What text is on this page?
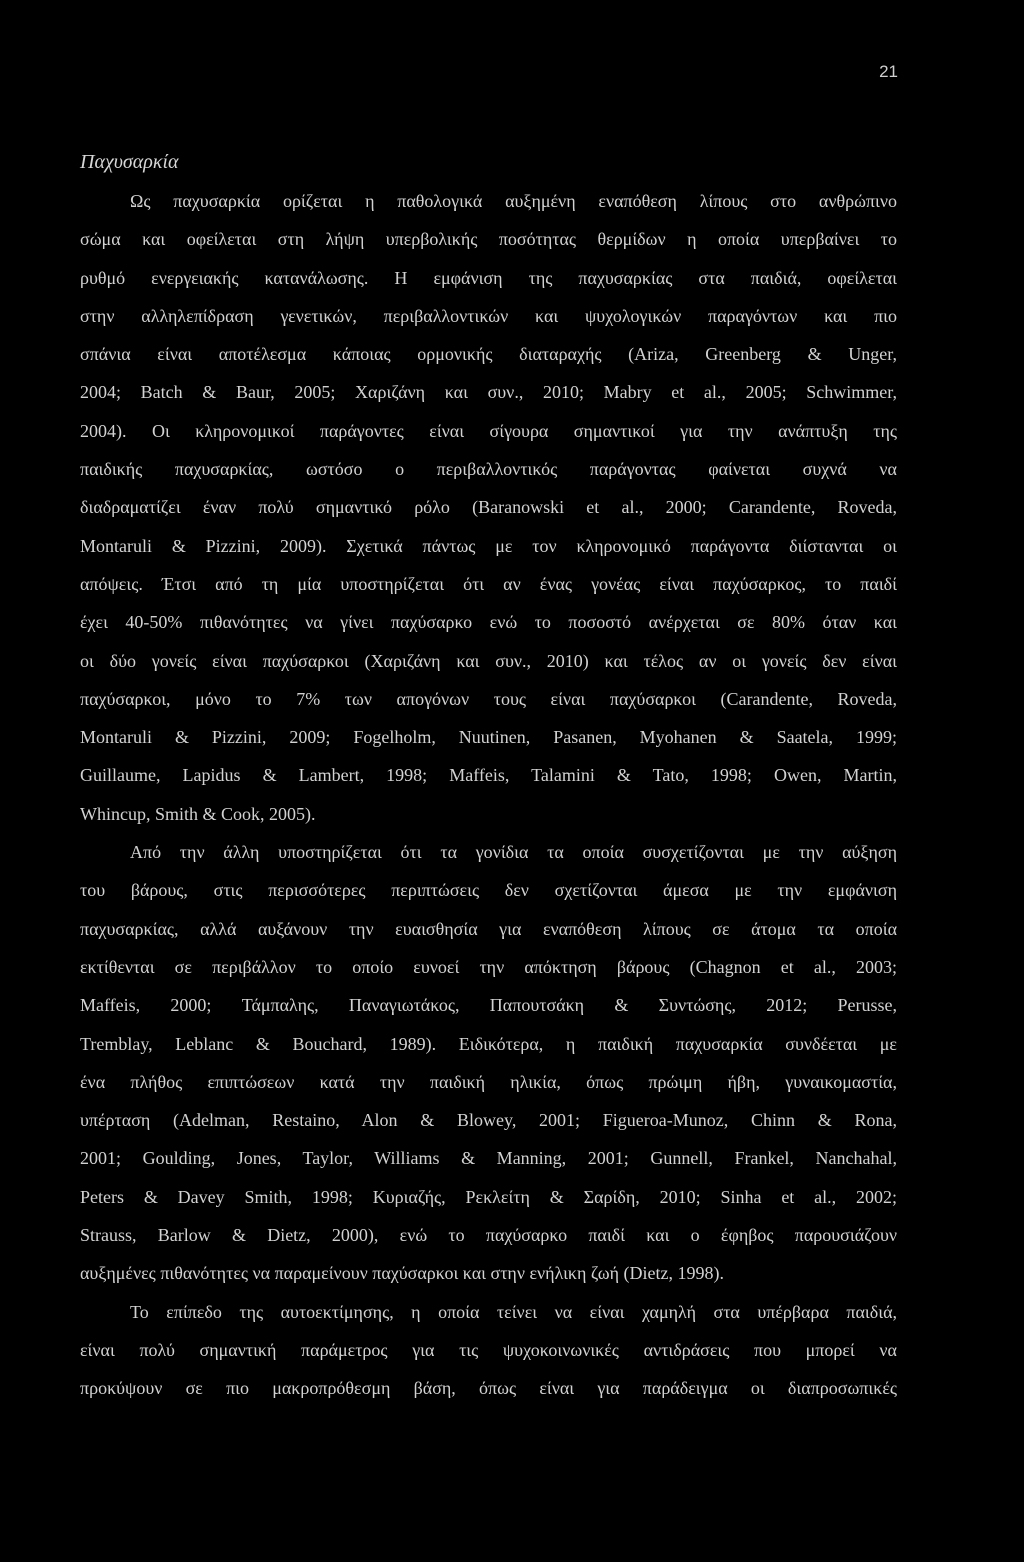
21
Παχυσαρκία
Ως παχυσαρκία ορίζεται η παθολογικά αυξημένη εναπόθεση λίπους στο ανθρώπινο
σώμα και οφείλεται στη λήψη υπερβολικής ποσότητας θερμίδων η οποία υπερβαίνει το
ρυθμό ενεργειακής κατανάλωσης. Η εμφάνιση της παχυσαρκίας στα παιδιά, οφείλεται
στην αλληλεπίδραση γενετικών, περιβαλλοντικών και ψυχολογικών παραγόντων και πιο
σπάνια είναι αποτέλεσμα κάποιας ορμονικής διαταραχής (Ariza, Greenberg & Unger,
2004; Batch & Baur, 2005; Χαριζάνη και συν., 2010; Mabry et al., 2005; Schwimmer,
2004). Οι κληρονομικοί παράγοντες είναι σίγουρα σημαντικοί για την ανάπτυξη της
παιδικής παχυσαρκίας, ωστόσο ο περιβαλλοντικός παράγοντας φαίνεται συχνά να
διαδραματίζει έναν πολύ σημαντικό ρόλο (Baranowski et al., 2000; Carandente, Roveda,
Montaruli & Pizzini, 2009). Σχετικά πάντως με τον κληρονομικό παράγοντα διίστανται οι
απόψεις. Έτσι από τη μία υποστηρίζεται ότι αν ένας γονέας είναι παχύσαρκος, το παιδί
έχει 40-50% πιθανότητες να γίνει παχύσαρκο ενώ το ποσοστό ανέρχεται σε 80% όταν και
οι δύο γονείς είναι παχύσαρκοι (Χαριζάνη και συν., 2010) και τέλος αν οι γονείς δεν είναι
παχύσαρκοι, μόνο το 7% των απογόνων τους είναι παχύσαρκοι (Carandente, Roveda,
Montaruli & Pizzini, 2009; Fogelholm, Nuutinen, Pasanen, Myohanen & Saatela, 1999;
Guillaume, Lapidus & Lambert, 1998; Maffeis, Talamini & Tato, 1998; Owen, Martin,
Whincup, Smith & Cook, 2005).
Από την άλλη υποστηρίζεται ότι τα γονίδια τα οποία συσχετίζονται με την αύξηση
του βάρους, στις περισσότερες περιπτώσεις δεν σχετίζονται άμεσα με την εμφάνιση
παχυσαρκίας, αλλά αυξάνουν την ευαισθησία για εναπόθεση λίπους σε άτομα τα οποία
εκτίθενται σε περιβάλλον το οποίο ευνοεί την απόκτηση βάρους (Chagnon et al., 2003;
Maffeis, 2000; Τάμπαλης, Παναγιωτάκος, Παπουτσάκη & Συντώσης, 2012; Perusse,
Tremblay, Leblanc & Bouchard, 1989). Ειδικότερα, η παιδική παχυσαρκία συνδέεται με
ένα πλήθος επιπτώσεων κατά την παιδική ηλικία, όπως πρώιμη ήβη, γυναικομαστία,
υπέρταση (Adelman, Restaino, Alon & Blowey, 2001; Figueroa-Munoz, Chinn & Rona,
2001; Goulding, Jones, Taylor, Williams & Manning, 2001; Gunnell, Frankel, Nanchahal,
Peters & Davey Smith, 1998; Κυριαζής, Ρεκλείτη & Σαρίδη, 2010; Sinha et al., 2002;
Strauss, Barlow & Dietz, 2000), ενώ το παχύσαρκο παιδί και ο έφηβος παρουσιάζουν
αυξημένες πιθανότητες να παραμείνουν παχύσαρκοι και στην ενήλικη ζωή (Dietz, 1998).
Το επίπεδο της αυτοεκτίμησης, η οποία τείνει να είναι χαμηλή στα υπέρβαρα παιδιά,
είναι πολύ σημαντική παράμετρος για τις ψυχοκοινωνικές αντιδράσεις που μπορεί να
προκύψουν σε πιο μακροπρόθεσμη βάση, όπως είναι για παράδειγμα οι διαπροσωπικές
